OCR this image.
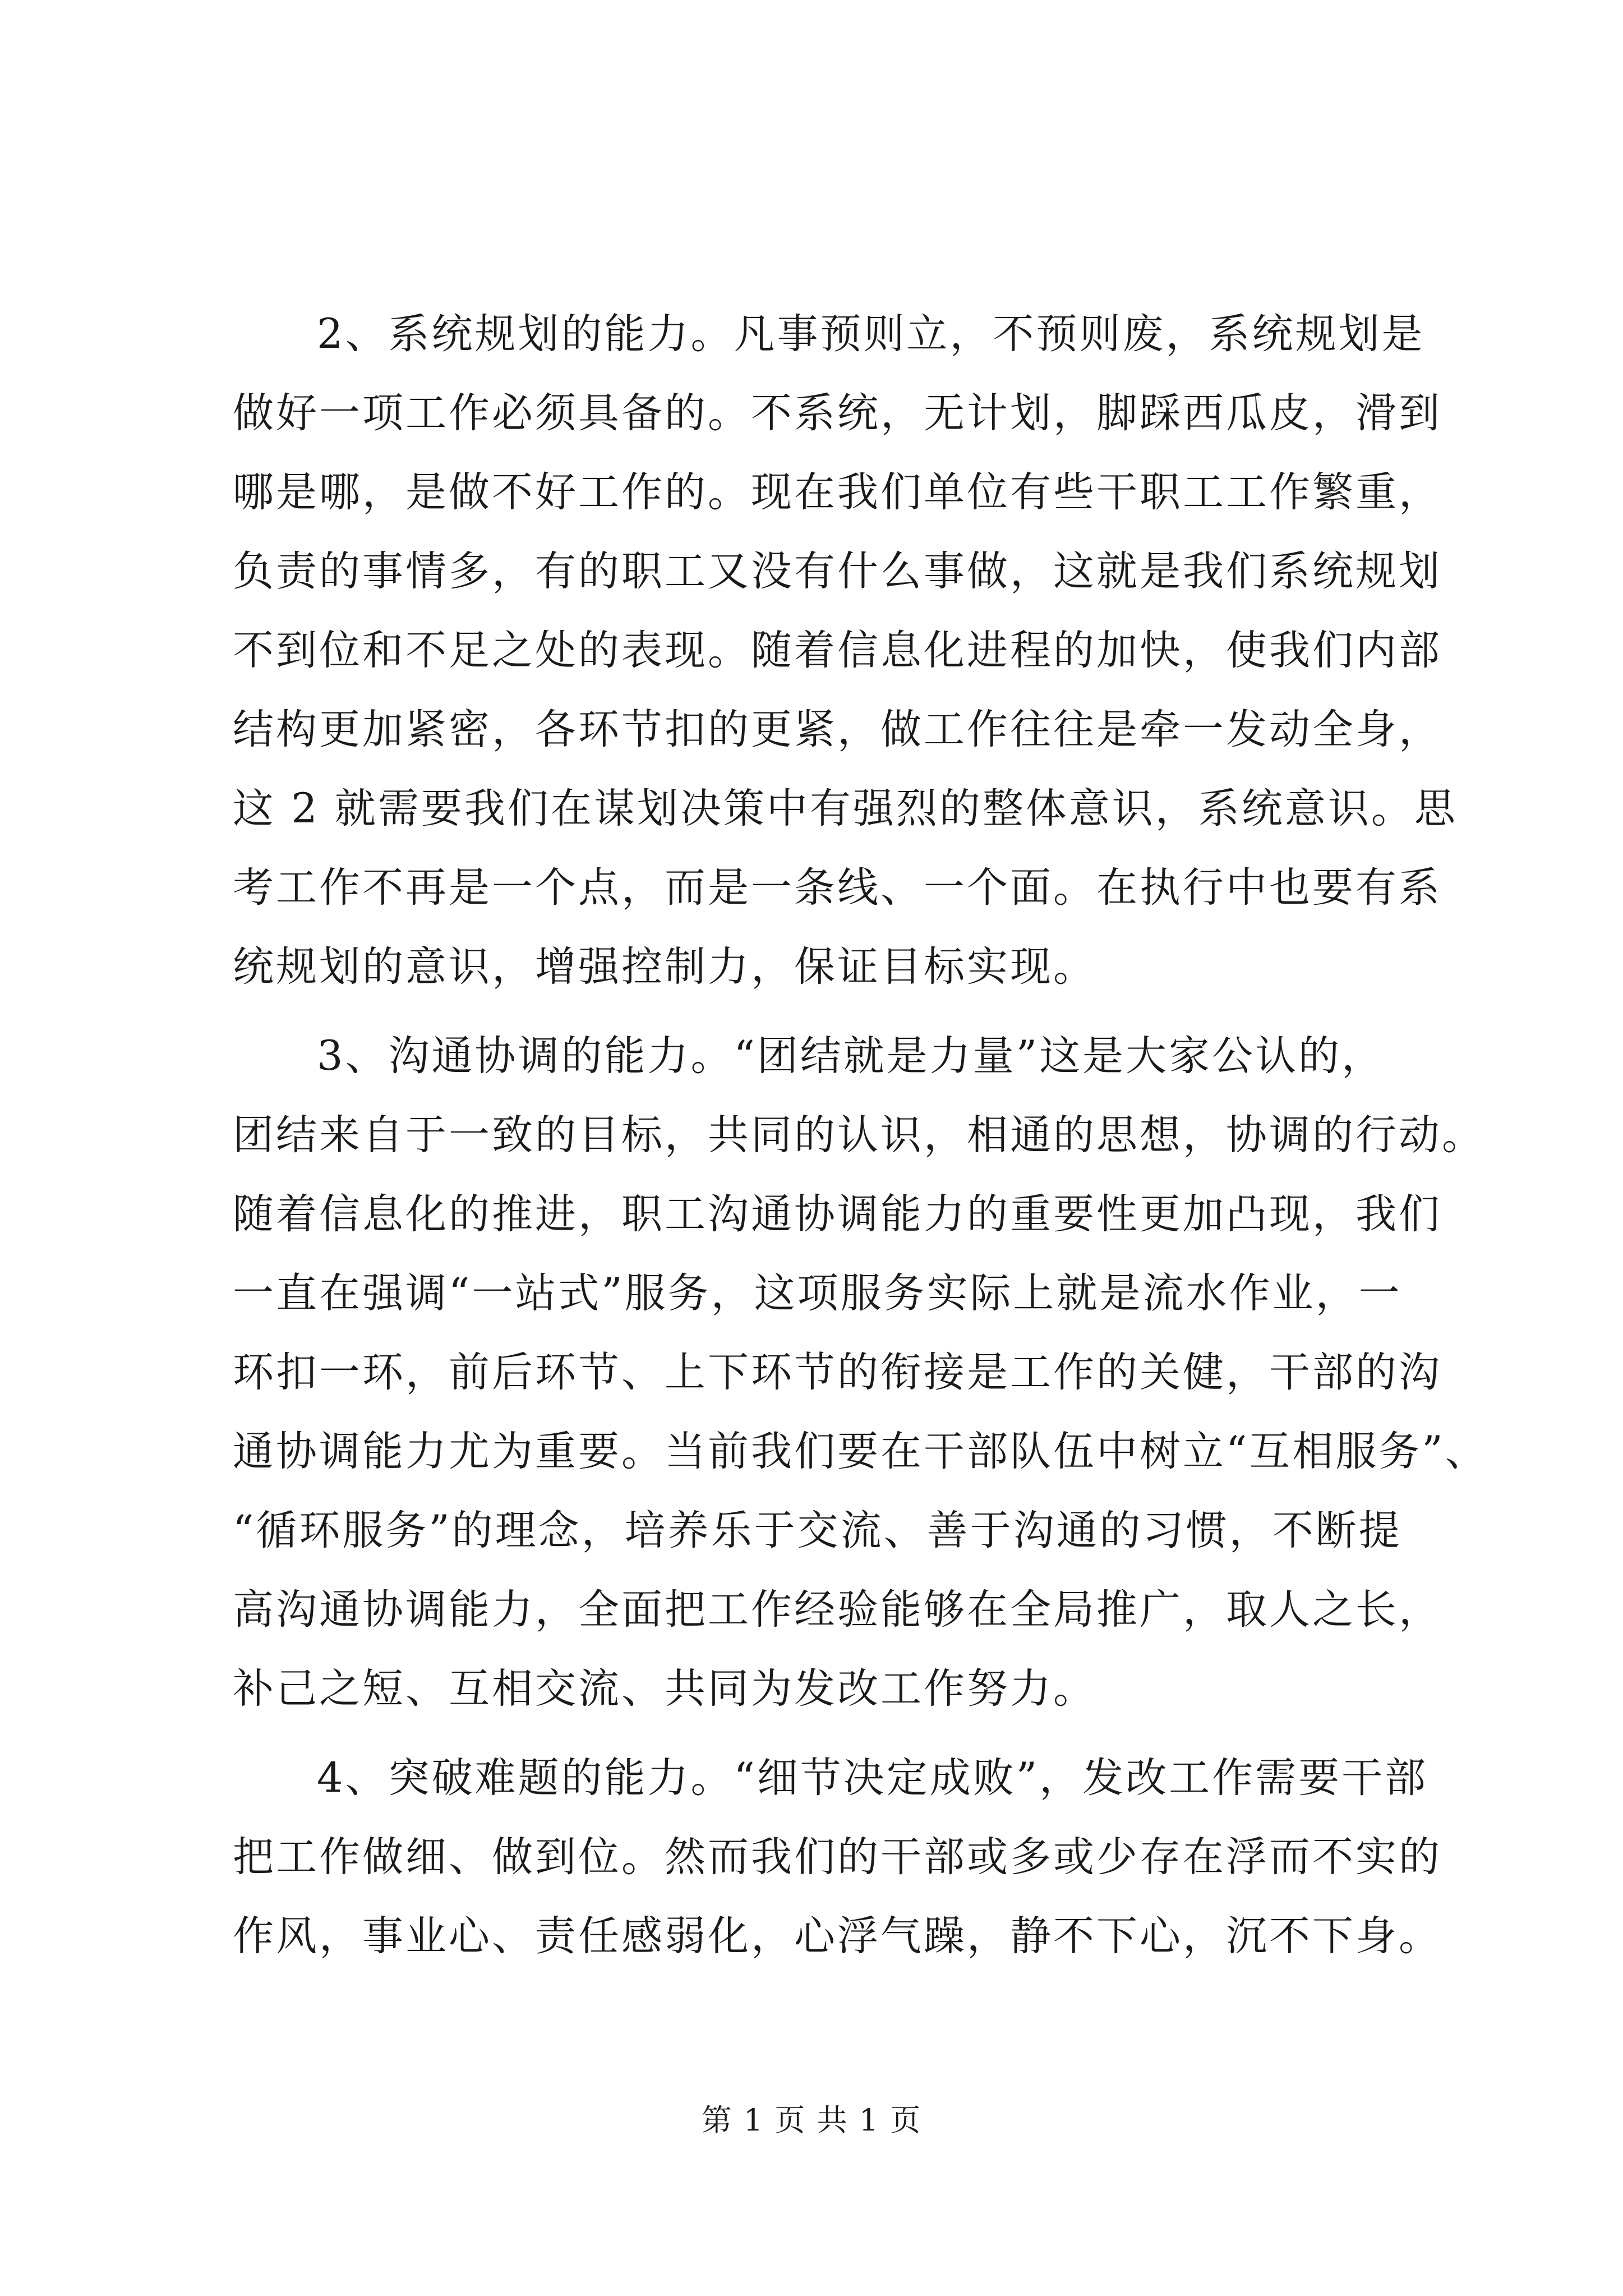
2、系统规划的能力。凡事预则立，不预则废，系统规划是
做好一项工作必须具备的。不系统，无计划，脚踩西瓜皮，滑到
哪是哪，是做不好工作的。现在我们单位有些干职工工作繁重，
负责的事情多，有的职工又没有什么事做，这就是我们系统规划
不到位和不足之处的表现。随着信息化进程的加快，使我们内部
结构更加紧密，各环节扣的更紧，做工作往往是牵一发动全身，
这 2 就需要我们在谋划决策中有强烈的整体意识，系统意识。思
考工作不再是一个点，而是一条线、一个面。在执行中也要有系
统规划的意识，增强控制力，保证目标实现。
3、沟通协调的能力。“团结就是力量”这是大家公认的，
团结来自于一致的目标，共同的认识，相通的思想，协调的行动。
随着信息化的推进，职工沟通协调能力的重要性更加凸现，我们
一直在强调“一站式”服务，这项服务实际上就是流水作业，一
环扣一环，前后环节、上下环节的衔接是工作的关健，干部的沟
通协调能力尤为重要。当前我们要在干部队伍中树立“互相服务”、
“循环服务”的理念，培养乐于交流、善于沟通的习惯，不断提
高沟通协调能力，全面把工作经验能够在全局推广，取人之长，
补己之短、互相交流、共同为发改工作努力。
4、突破难题的能力。“细节决定成败”，发改工作需要干部
把工作做细、做到位。然而我们的干部或多或少存在浮而不实的
作风，事业心、责任感弱化，心浮气躁，静不下心，沉不下身。
第 1 页 共 1 页
